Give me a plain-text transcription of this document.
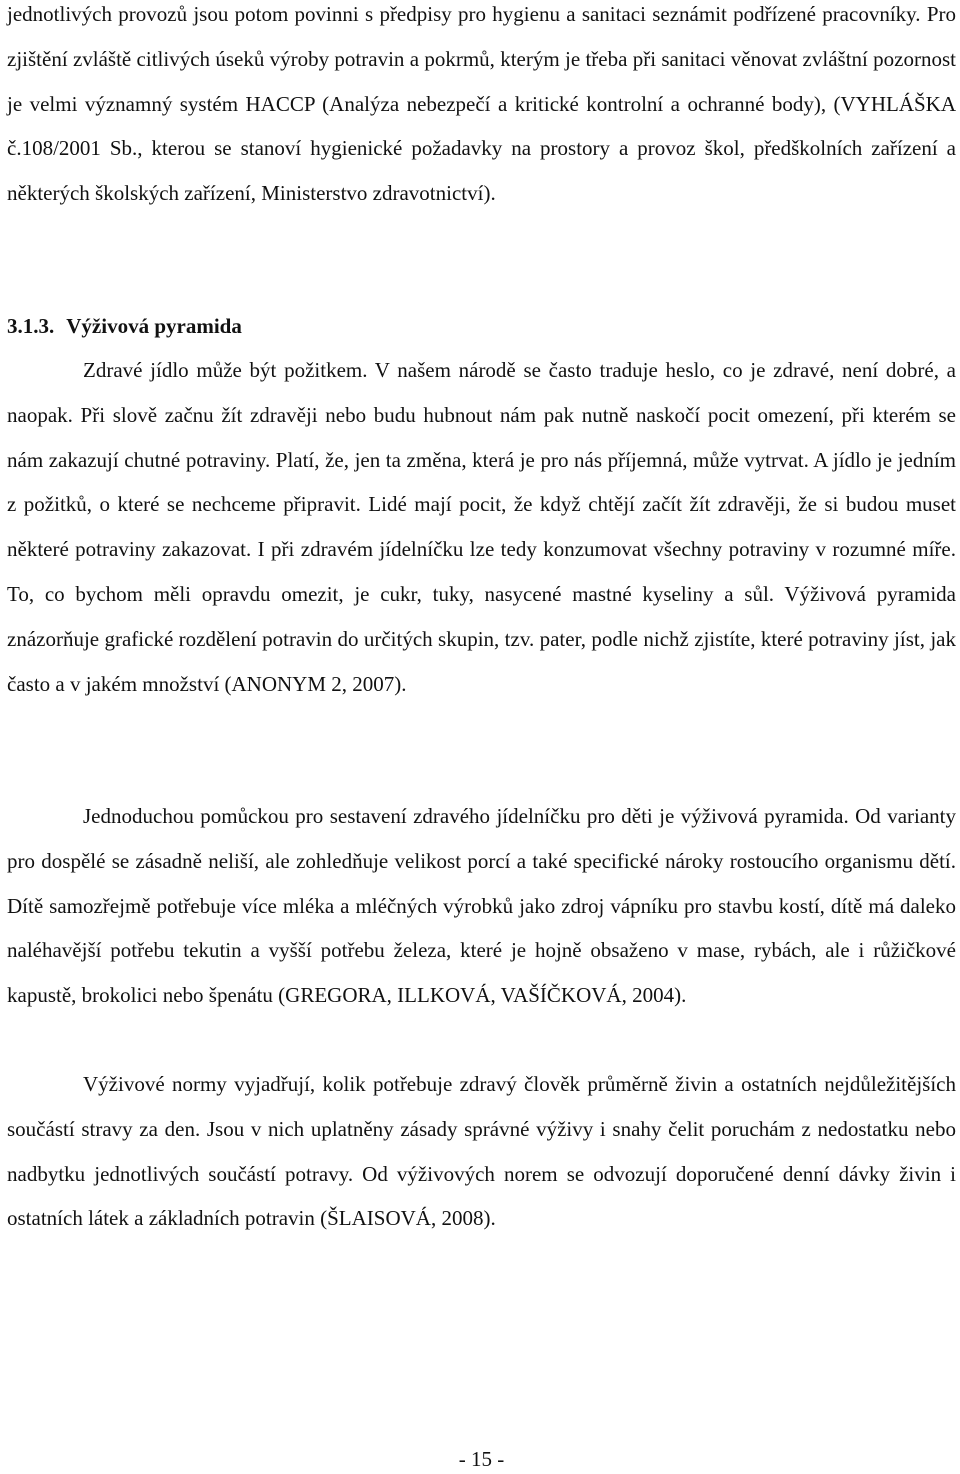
jednotlivých provozů jsou potom povinni s předpisy pro hygienu a sanitaci seznámit podřízené pracovníky. Pro zjištění zvláště citlivých úseků výroby potravin a pokrmů, kterým je třeba při sanitaci věnovat zvláštní pozornost je velmi významný systém HACCP (Analýza nebezpečí a kritické kontrolní a ochranné body), (VYHLÁŠKA č.108/2001 Sb., kterou se stanoví hygienické požadavky na prostory a provoz škol, předškolních zařízení a některých školských zařízení, Ministerstvo zdravotnictví).

3.1.3. Výživová pyramida

Zdravé jídlo může být požitkem. V našem národě se často traduje heslo, co je zdravé, není dobré, a naopak. Při slově začnu žít zdravěji nebo budu hubnout nám pak nutně naskočí pocit omezení, při kterém se nám zakazují chutné potraviny. Platí, že, jen ta změna, která je pro nás příjemná, může vytrvat. A jídlo je jedním z požitků, o které se nechceme připravit. Lidé mají pocit, že když chtějí začít žít zdravěji, že si budou muset některé potraviny zakazovat. I při zdravém jídelníčku lze tedy konzumovat všechny potraviny v rozumné míře. To, co bychom měli opravdu omezit, je cukr, tuky, nasycené mastné kyseliny a sůl. Výživová pyramida znázorňuje grafické rozdělení potravin do určitých skupin, tzv. pater, podle nichž zjistíte, které potraviny jíst, jak často a v jakém množství (ANONYM 2, 2007).

Jednoduchou pomůckou pro sestavení zdravého jídelníčku pro děti je výživová pyramida. Od varianty pro dospělé se zásadně neliší, ale zohledňuje velikost porcí a také specifické nároky rostoucího organismu dětí. Dítě samozřejmě potřebuje více mléka a mléčných výrobků jako zdroj vápníku pro stavbu kostí, dítě má daleko naléhavější potřebu tekutin a vyšší potřebu železa, které je hojně obsaženo v mase, rybách, ale i růžičkové kapustě, brokolici nebo špenátu (GREGORA, ILLKOVÁ, VAŠÍČKOVÁ, 2004).

Výživové normy vyjadřují, kolik potřebuje zdravý člověk průměrně živin a ostatních nejdůležitějších součástí stravy za den. Jsou v nich uplatněny zásady správné výživy i snahy čelit poruchám z nedostatku nebo nadbytku jednotlivých součástí potravy. Od výživových norem se odvozují doporučené denní dávky živin i ostatních látek a základních potravin (ŠLAISOVÁ, 2008).

- 15 -
